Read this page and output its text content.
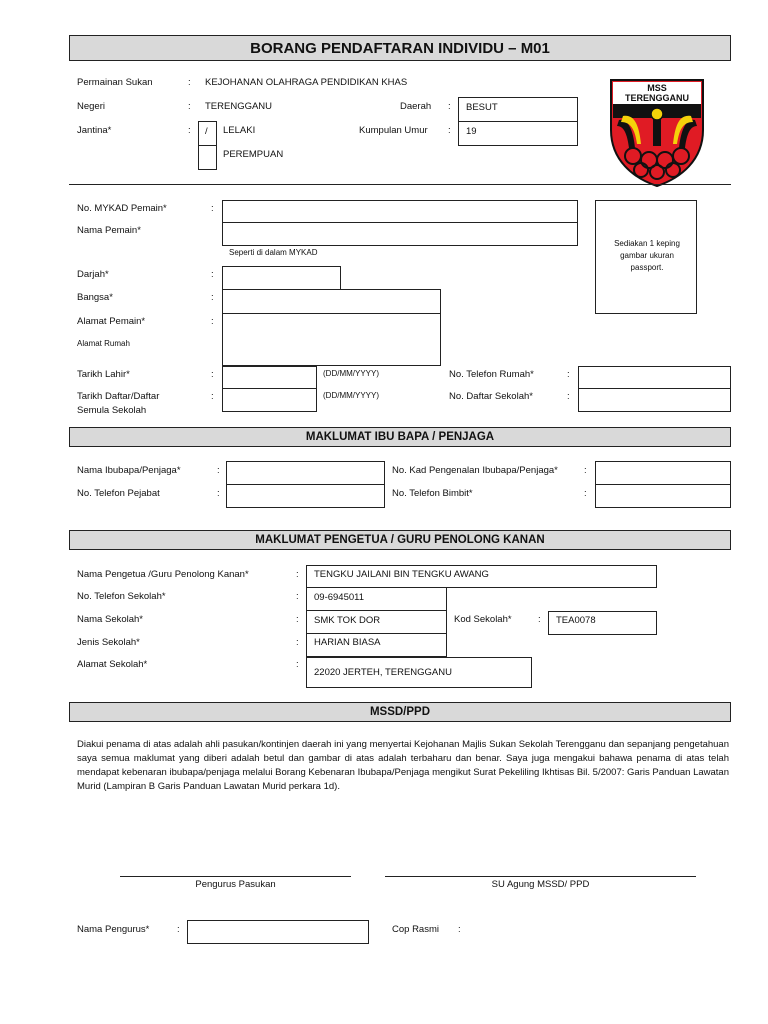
BORANG PENDAFTARAN INDIVIDU – M01
MSS
TERENGGANU
Permainan Sukan	: KEJOHANAN OLAHRAGA PENDIDIKAN KHAS
Negeri	: TERENGGANU	Daerah : BESUT
Jantina*	: / LELAKI
PEREMPUAN
Kumpulan Umur : 19
No. MYKAD Pemain*	:
Nama Pemain*
Seperti di dalam MYKAD
Sediakan 1 keping gambar ukuran passport.
Darjah*	:
Bangsa*	:
Alamat Pemain*	:
Alamat Rumah
Tarikh Lahir*	:	(DD/MM/YYYY)	No. Telefon Rumah*	:
Tarikh Daftar/Daftar
Semula Sekolah
:	(DD/MM/YYYY)	No. Daftar Sekolah*	:
MAKLUMAT IBU BAPA / PENJAGA
Nama Ibubapa/Penjaga*	:	No. Kad Pengenalan Ibubapa/Penjaga*	:
No. Telefon Pejabat	:	No. Telefon Bimbit*	:
MAKLUMAT PENGETUA / GURU PENOLONG KANAN
Nama Pengetua /Guru Penolong Kanan*	: TENGKU JAILANI BIN TENGKU AWANG
No. Telefon Sekolah*	: 09-6945011
Nama Sekolah*	: SMK TOK DOR	Kod Sekolah*	: TEA0078
Jenis Sekolah*	: HARIAN BIASA
Alamat Sekolah*	:
22020 JERTEH, TERENGGANU
MSSD/PPD
Diakui penama di atas adalah ahli pasukan/kontinjen daerah ini yang menyertai Kejohanan Majlis Sukan Sekolah Terengganu dan sepanjang pengetahuan saya semua maklumat yang diberi adalah betul dan gambar di atas adalah terbaharu dan benar. Saya juga mengakui bahawa penama di atas telah mendapat kebenaran ibubapa/penjaga melalui Borang Kebenaran Ibubapa/Penjaga mengikut Surat Pekeliling Ikhtisas Bil. 5/2007: Garis Panduan Lawatan Murid (Lampiran B Garis Panduan Lawatan Murid perkara 1d).
Pengurus Pasukan	SU Agung MSSD/ PPD
Nama Pengurus*	:	Cop Rasmi :
